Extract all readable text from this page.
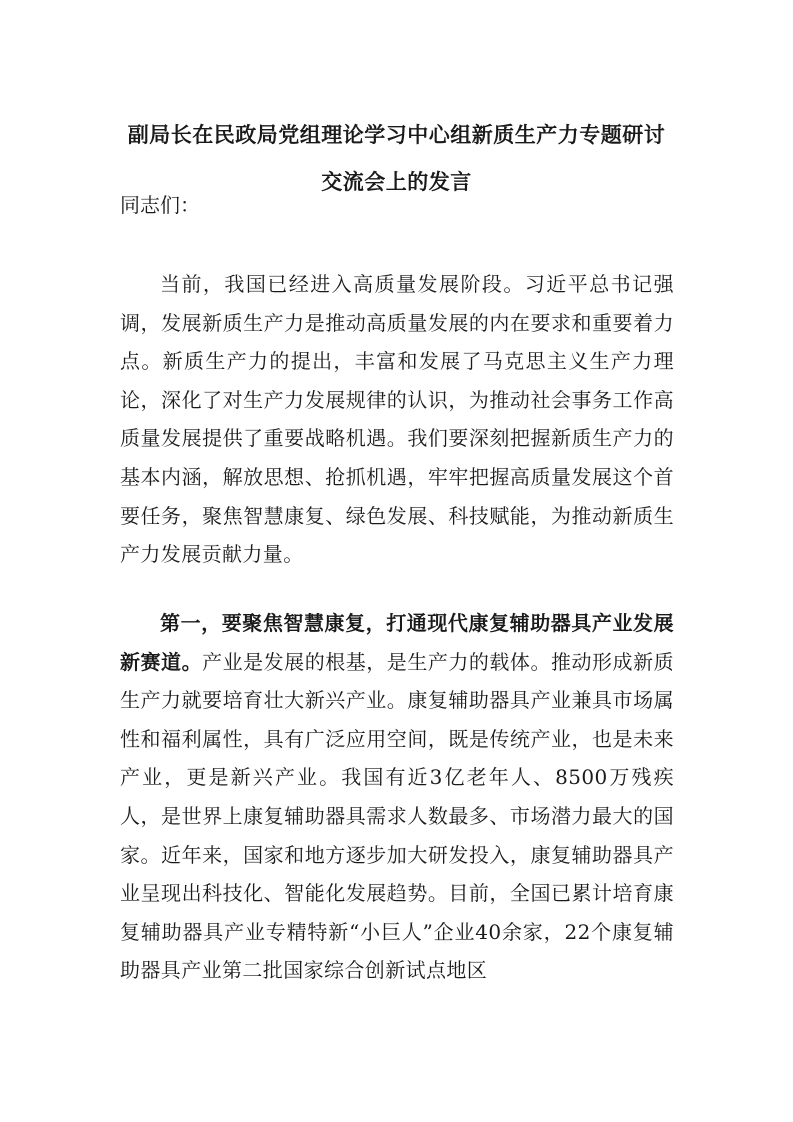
副局长在民政局党组理论学习中心组新质生产力专题研讨
交流会上的发言

同志们：

当前，我国已经进入高质量发展阶段。习近平总书记强调，发展新质生产力是推动高质量发展的内在要求和重要着力点。新质生产力的提出，丰富和发展了马克思主义生产力理论，深化了对生产力发展规律的认识，为推动社会事务工作高质量发展提供了重要战略机遇。我们要深刻把握新质生产力的基本内涵，解放思想、抢抓机遇，牢牢把握高质量发展这个首要任务，聚焦智慧康复、绿色发展、科技赋能，为推动新质生产力发展贡献力量。

第一，要聚焦智慧康复，打通现代康复辅助器具产业发展新赛道。产业是发展的根基，是生产力的载体。推动形成新质生产力就要培育壮大新兴产业。康复辅助器具产业兼具市场属性和福利属性，具有广泛应用空间，既是传统产业，也是未来产业，更是新兴产业。我国有近3亿老年人、8500万残疾人，是世界上康复辅助器具需求人数最多、市场潜力最大的国家。近年来，国家和地方逐步加大研发投入，康复辅助器具产业呈现出科技化、智能化发展趋势。目前，全国已累计培育康复辅助器具产业专精特新“小巨人”企业40余家，22个康复辅助器具产业第二批国家综合创新试点地区
